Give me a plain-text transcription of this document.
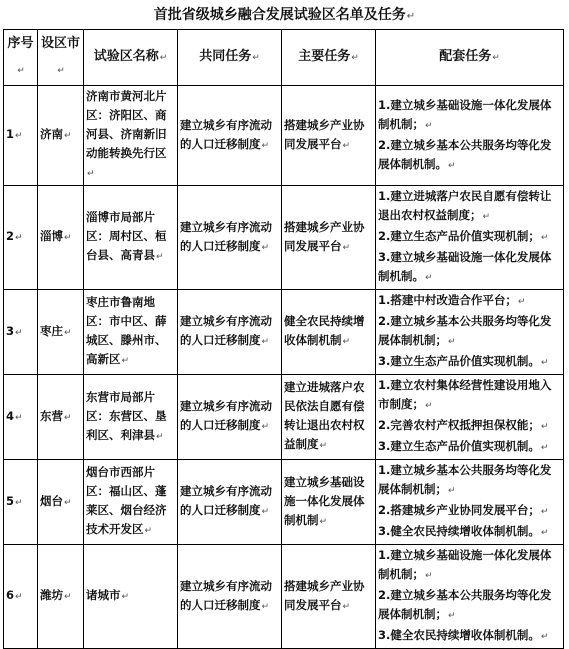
首批省级城乡融合发展试验区名单及任务↵
序号↵	设区市↵	试验区名称↵	共同任务↵	主要任务↵	配套任务↵
1↵	济南↵	济南市黄河北片区：济阳区、商河县、济南新旧动能转换先行区↵	建立城乡有序流动的人口迁移制度↵	搭建城乡产业协同发展平台↵	1.建立城乡基础设施一体化发展体制机制；↵
2.建立城乡基本公共服务均等化发展体制机制。↵

2↵	淄博↵	淄博市局部片区：周村区、桓台县、高青县↵	建立城乡有序流动的人口迁移制度↵	搭建城乡产业协同发展平台↵	1.建立进城落户农民自愿有偿转让退出农村权益制度；↵
2.建立生态产品价值实现机制；↵
3.建立城乡基础设施一体化发展体制机制。↵

3↵	枣庄↵	枣庄市鲁南地区：市中区、薛城区、滕州市、高新区↵	建立城乡有序流动的人口迁移制度↵	健全农民持续增收体制机制↵	1.搭建中村改造合作平台；↵
2.建立城乡基本公共服务均等化发展体制机制；↵
3.建立生态产品价值实现机制。↵

4↵	东营↵	东营市局部片区：东营区、垦利区、利津县↵	建立城乡有序流动的人口迁移制度↵	建立进城落户农民依法自愿有偿转让退出农村权益制度↵	1.建立农村集体经营性建设用地入市制度；↵
2.完善农村产权抵押担保权能；↵
3.建立生态产品价值实现机制。↵

5↵	烟台↵	烟台市西部片区：福山区、蓬莱区、烟台经济技术开发区↵	建立城乡有序流动的人口迁移制度↵	建立城乡基础设施一体化发展体制机制↵	1.建立城乡基本公共服务均等化发展体制机制；↵
2.搭建城乡产业协同发展平台；↵
3.健全农民持续增收体制机制。↵

6↵	潍坊↵	诸城市↵	建立城乡有序流动的人口迁移制度↵	搭建城乡产业协同发展平台↵	1.建立城乡基础设施一体化发展体制机制；↵
2.建立城乡基本公共服务均等化发展体制机制；↵
3.健全农民持续增收体制机制。↵
